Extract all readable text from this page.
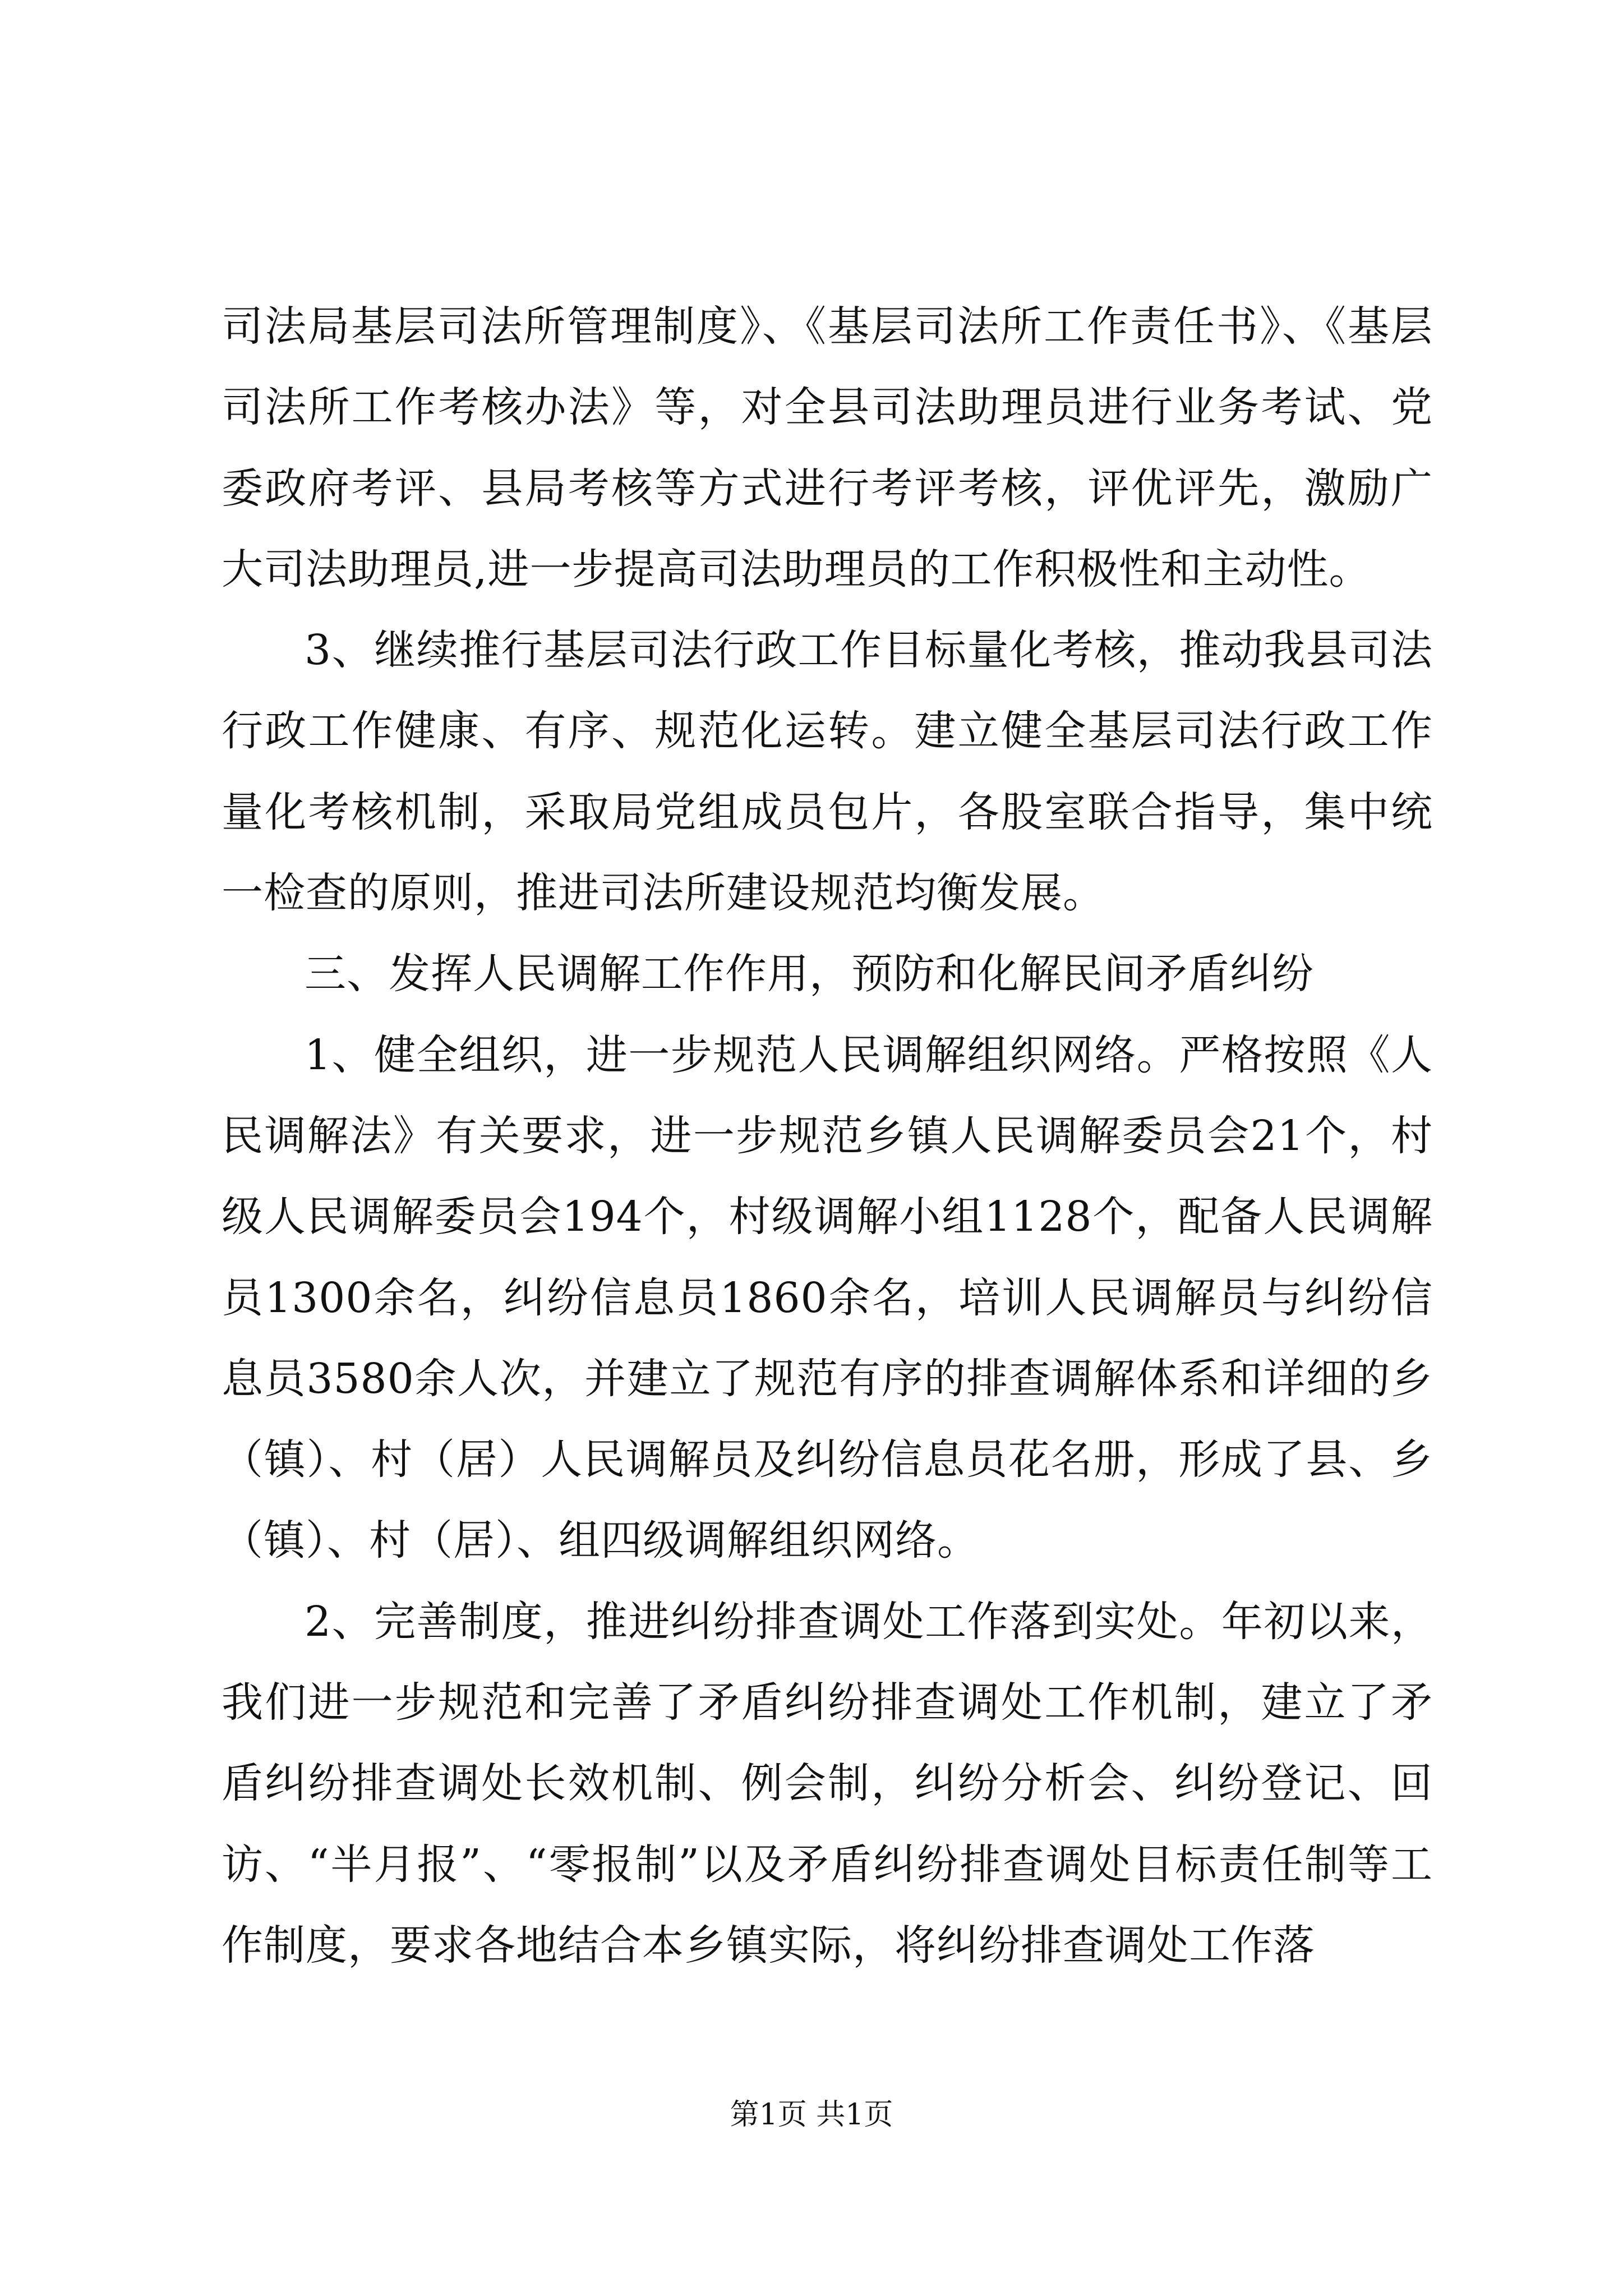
司法局基层司法所管理制度》、《基层司法所工作责任书》、《基层司法所工作考核办法》等，对全县司法助理员进行业务考试、党委政府考评、县局考核等方式进行考评考核，评优评先，激励广大司法助理员,进一步提高司法助理员的工作积极性和主动性。

3、继续推行基层司法行政工作目标量化考核，推动我县司法行政工作健康、有序、规范化运转。建立健全基层司法行政工作量化考核机制，采取局党组成员包片，各股室联合指导，集中统一检查的原则，推进司法所建设规范均衡发展。

三、发挥人民调解工作作用，预防和化解民间矛盾纠纷

1、健全组织，进一步规范人民调解组织网络。严格按照《人民调解法》有关要求，进一步规范乡镇人民调解委员会21个，村级人民调解委员会194个，村级调解小组1128个，配备人民调解员1300余名，纠纷信息员1860余名，培训人民调解员与纠纷信息员3580余人次，并建立了规范有序的排查调解体系和详细的乡（镇）、村（居）人民调解员及纠纷信息员花名册，形成了县、乡（镇）、村（居）、组四级调解组织网络。

2、完善制度，推进纠纷排查调处工作落到实处。年初以来，我们进一步规范和完善了矛盾纠纷排查调处工作机制，建立了矛盾纠纷排查调处长效机制、例会制，纠纷分析会、纠纷登记、回访、“半月报”、“零报制”以及矛盾纠纷排查调处目标责任制等工作制度，要求各地结合本乡镇实际，将纠纷排查调处工作落

第1页 共1页
